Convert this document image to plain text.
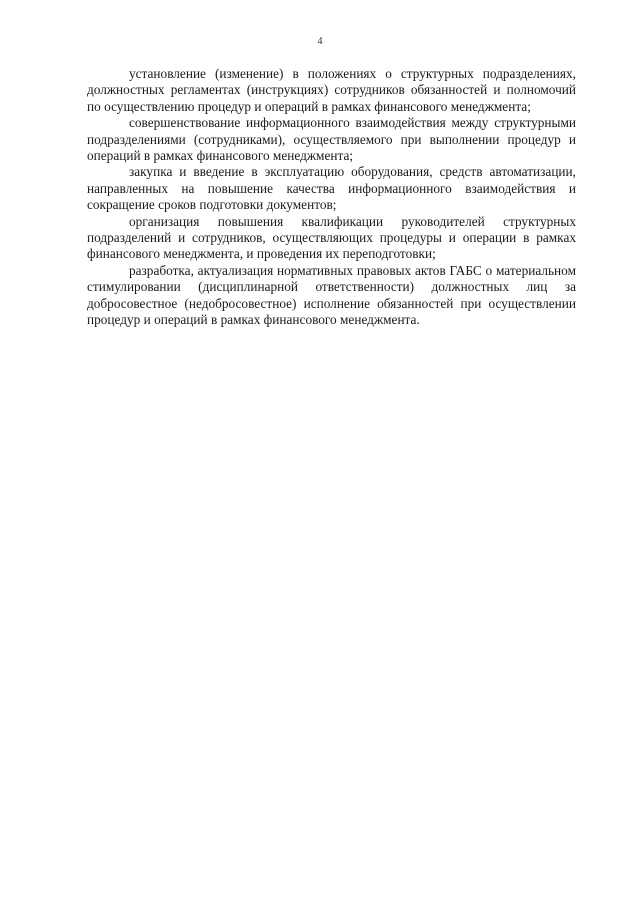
4

установление (изменение) в положениях о структурных подразделениях, должностных регламентах (инструкциях) сотрудников обязанностей и полномочий по осуществлению процедур и операций в рамках финансового менеджмента;

совершенствование информационного взаимодействия между структурными подразделениями (сотрудниками), осуществляемого при выполнении процедур и операций в рамках финансового менеджмента;

закупка и введение в эксплуатацию оборудования, средств автоматизации, направленных на повышение качества информационного взаимодействия и сокращение сроков подготовки документов;

организация повышения квалификации руководителей структурных подразделений и сотрудников, осуществляющих процедуры и операции в рамках финансового менеджмента, и проведения их переподготовки;

разработка, актуализация нормативных правовых актов ГАБС о материальном стимулировании (дисциплинарной ответственности) должностных лиц за добросовестное (недобросовестное) исполнение обязанностей при осуществлении процедур и операций в рамках финансового менеджмента.
